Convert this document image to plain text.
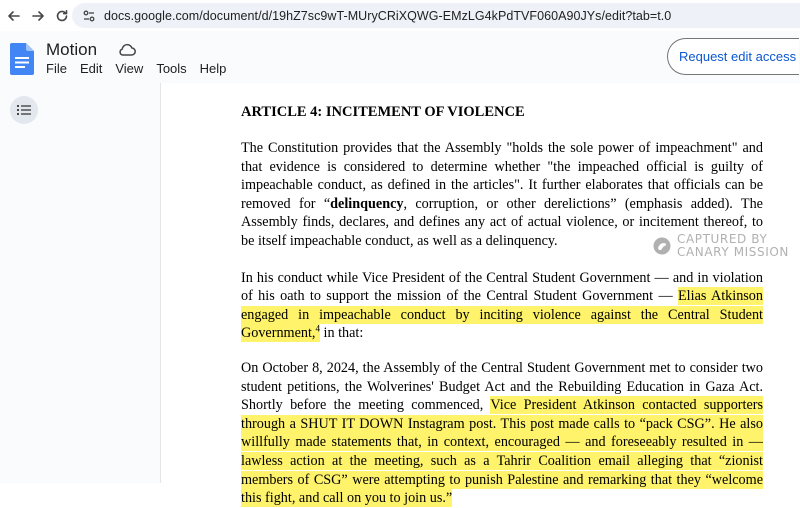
docs.google.com/document/d/19hZ7sc9wT-MUryCRiXQWG-EMzLG4kPdTVF060A90JYs/edit?tab=t.0
Motion
File Edit View Tools Help
Request edit access
ARTICLE 4: INCITEMENT OF VIOLENCE

The Constitution provides that the Assembly "holds the sole power of impeachment" and that evidence is considered to determine whether "the impeached official is guilty of impeachable conduct, as defined in the articles". It further elaborates that officials can be removed for “delinquency, corruption, or other derelictions” (emphasis added). The Assembly finds, declares, and defines any act of actual violence, or incitement thereof, to be itself impeachable conduct, as well as a delinquency.

In his conduct while Vice President of the Central Student Government — and in violation of his oath to support the mission of the Central Student Government — Elias Atkinson engaged in impeachable conduct by inciting violence against the Central Student Government,$^4$ in that:

On October 8, 2024, the Assembly of the Central Student Government met to consider two student petitions, the Wolverines' Budget Act and the Rebuilding Education in Gaza Act. Shortly before the meeting commenced, Vice President Atkinson contacted supporters through a SHUT IT DOWN Instagram post. This post made calls to “pack CSG”. He also willfully made statements that, in context, encouraged — and foreseeably resulted in — lawless action at the meeting, such as a Tahrir Coalition email alleging that “zionist members of CSG” were attempting to punish Palestine and remarking that they “welcome this fight, and call on you to join us.”

CAPTURED BY
CANARY MISSION
